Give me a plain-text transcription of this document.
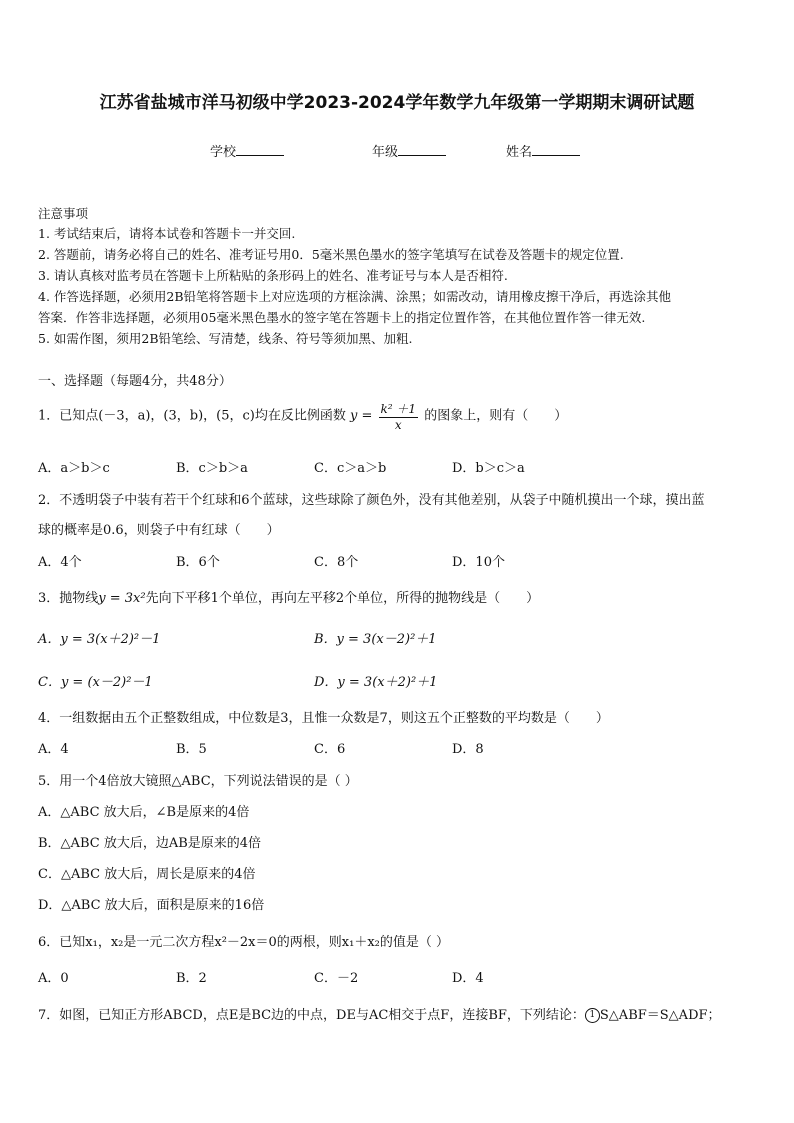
江苏省盐城市洋马初级中学2023-2024学年数学九年级第一学期期末调研试题
学校	年级	姓名
注意事项
1. 考试结束后，请将本试卷和答题卡一并交回.
2. 答题前，请务必将自己的姓名、准考证号用0．5毫米黑色墨水的签字笔填写在试卷及答题卡的规定位置.
3. 请认真核对监考员在答题卡上所粘贴的条形码上的姓名、准考证号与本人是否相符.
4. 作答选择题，必须用2B铅笔将答题卡上对应选项的方框涂满、涂黑；如需改动，请用橡皮擦干净后，再选涂其他
答案．作答非选择题，必须用05毫米黑色墨水的签字笔在答题卡上的指定位置作答，在其他位置作答一律无效.
5. 如需作图，须用2B铅笔绘、写清楚，线条、符号等须加黑、加粗.
一、选择题（每题4分，共48分）
1．已知点(－3，a)，(3，b)，(5，c)均在反比例函数 $y = \frac{\text{k² ＋1}}{x}$ 的图象上，则有（　　）
A．a＞b＞c	B．c＞b＞a	C．c＞a＞b	D．b＞c＞a
2．不透明袋子中装有若干个红球和6个蓝球，这些球除了颜色外，没有其他差别，从袋子中随机摸出一个球，摸出蓝
球的概率是0.6，则袋子中有红球（　　）
A．4个	B．6个	C．8个	D．10个
3．抛物线y = 3x²先向下平移1个单位，再向左平移2个单位，所得的抛物线是（　　）
A．y = 3(x＋2)²－1	B．y = 3(x－2)²＋1
C．y = (x－2)²－1	D．y = 3(x＋2)²＋1
4．一组数据由五个正整数组成，中位数是3，且惟一众数是7，则这五个正整数的平均数是（　　）
A．4	B．5	C．6	D．8
5．用一个4倍放大镜照△ABC，下列说法错误的是（ ）
A．△ABC 放大后，∠B是原来的4倍
B．△ABC 放大后，边AB是原来的4倍
C．△ABC 放大后，周长是原来的4倍
D．△ABC 放大后，面积是原来的16倍
6．已知x₁，x₂是一元二次方程x²－2x＝0的两根，则x₁＋x₂的值是（ ）
A．0	B．2	C．－2	D．4
7．如图，已知正方形ABCD，点E是BC边的中点，DE与AC相交于点F，连接BF，下列结论： 1 S△ABF＝S△ADF；
